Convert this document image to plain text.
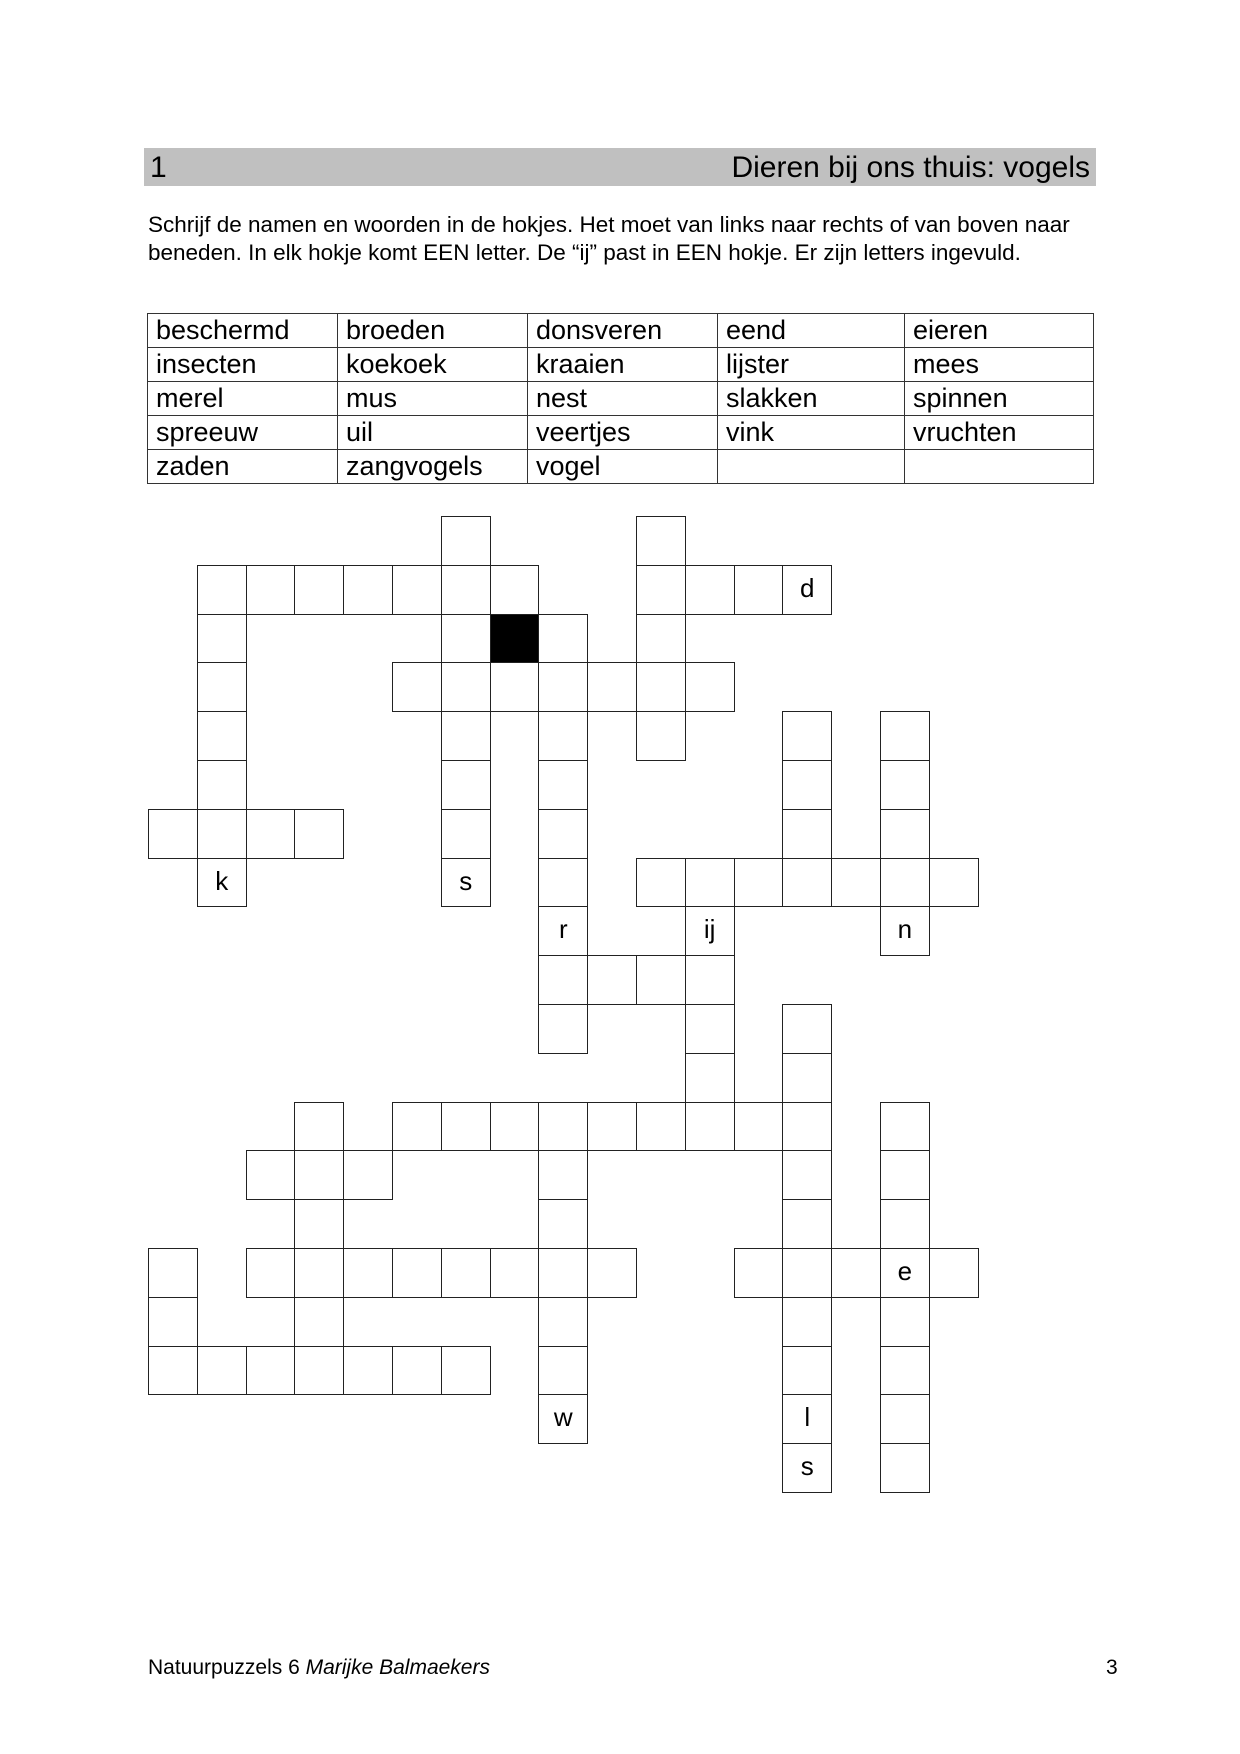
1	Dieren bij ons thuis: vogels

Schrijf de namen en woorden in de hokjes. Het moet van links naar rechts of van boven naar beneden. In elk hokje komt EEN letter. De “ij” past in EEN hokje. Er zijn letters ingevuld.

beschermd	broeden	donsveren	eend	eieren
insecten	koekoek	kraaien	lijster	mees
merel	mus	nest	slakken	spinnen
spreeuw	uil	veertjes	vink	vruchten
zaden	zangvogels	vogel		
d
k	s
r	ij	n
e
w	l
s
Natuurpuzzels 6 Marijke Balmaekers	3
